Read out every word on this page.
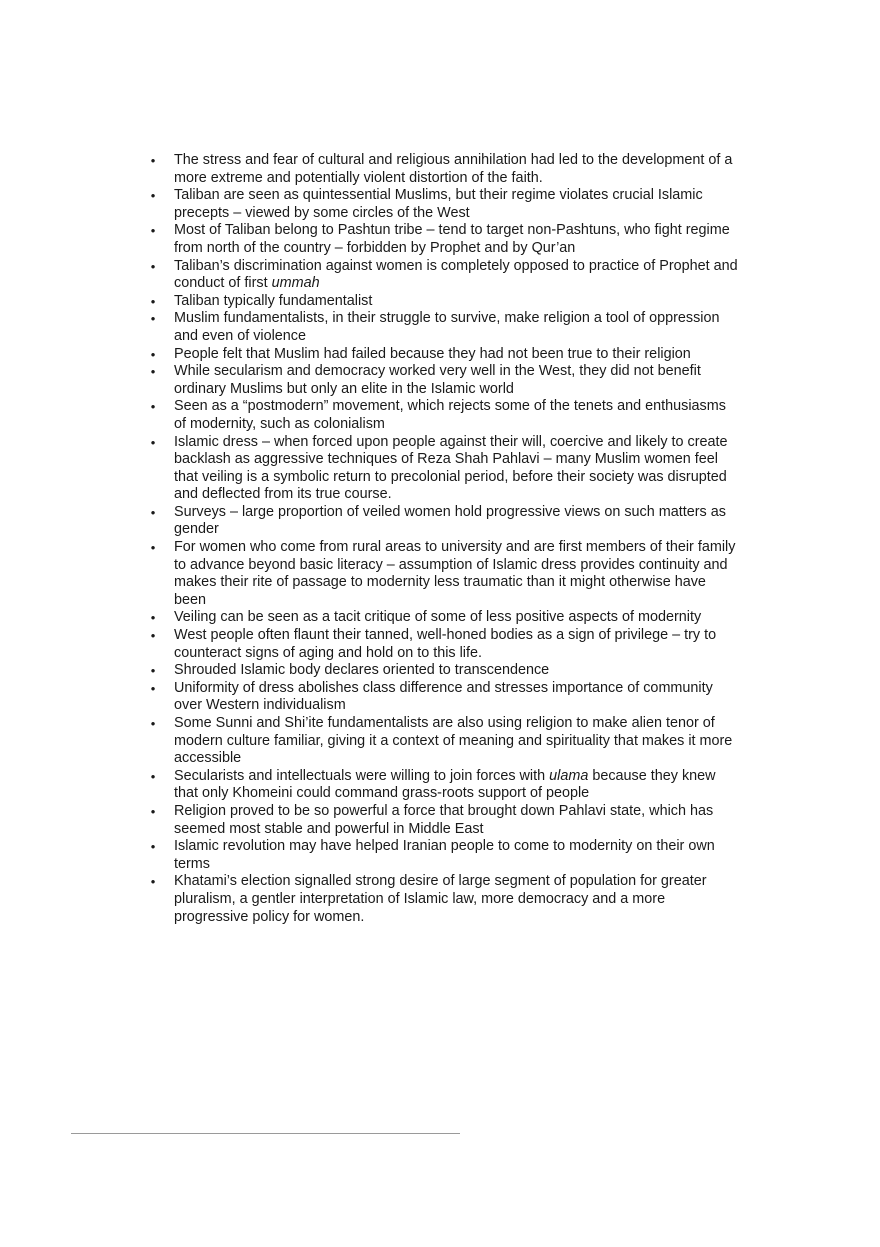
• The stress and fear of cultural and religious annihilation had led to the development of a more extreme and potentially violent distortion of the faith.
• Taliban are seen as quintessential Muslims, but their regime violates crucial Islamic precepts – viewed by some circles of the West
• Most of Taliban belong to Pashtun tribe – tend to target non-Pashtuns, who fight regime from north of the country – forbidden by Prophet and by Qur’an
• Taliban’s discrimination against women is completely opposed to practice of Prophet and conduct of first ummah
• Taliban typically fundamentalist
• Muslim fundamentalists, in their struggle to survive, make religion a tool of oppression and even of violence
• People felt that Muslim had failed because they had not been true to their religion
• While secularism and democracy worked very well in the West, they did not benefit ordinary Muslims but only an elite in the Islamic world
• Seen as a “postmodern” movement, which rejects some of the tenets and enthusiasms of modernity, such as colonialism
• Islamic dress – when forced upon people against their will, coercive and likely to create backlash as aggressive techniques of Reza Shah Pahlavi – many Muslim women feel that veiling is a symbolic return to precolonial period, before their society was disrupted and deflected from its true course.
• Surveys – large proportion of veiled women hold progressive views on such matters as gender
• For women who come from rural areas to university and are first members of their family to advance beyond basic literacy – assumption of Islamic dress provides continuity and makes their rite of passage to modernity less traumatic than it might otherwise have been
• Veiling can be seen as a tacit critique of some of less positive aspects of modernity
• West people often flaunt their tanned, well-honed bodies as a sign of privilege – try to counteract signs of aging and hold on to this life.
• Shrouded Islamic body declares oriented to transcendence
• Uniformity of dress abolishes class difference and stresses importance of community over Western individualism
• Some Sunni and Shi’ite fundamentalists are also using religion to make alien tenor of modern culture familiar, giving it a context of meaning and spirituality that makes it more accessible
• Secularists and intellectuals were willing to join forces with ulama because they knew that only Khomeini could command grass-roots support of people
• Religion proved to be so powerful a force that brought down Pahlavi state, which has seemed most stable and powerful in Middle East
• Islamic revolution may have helped Iranian people to come to modernity on their own terms
• Khatami’s election signalled strong desire of large segment of population for greater pluralism, a gentler interpretation of Islamic law, more democracy and a more progressive policy for women.
